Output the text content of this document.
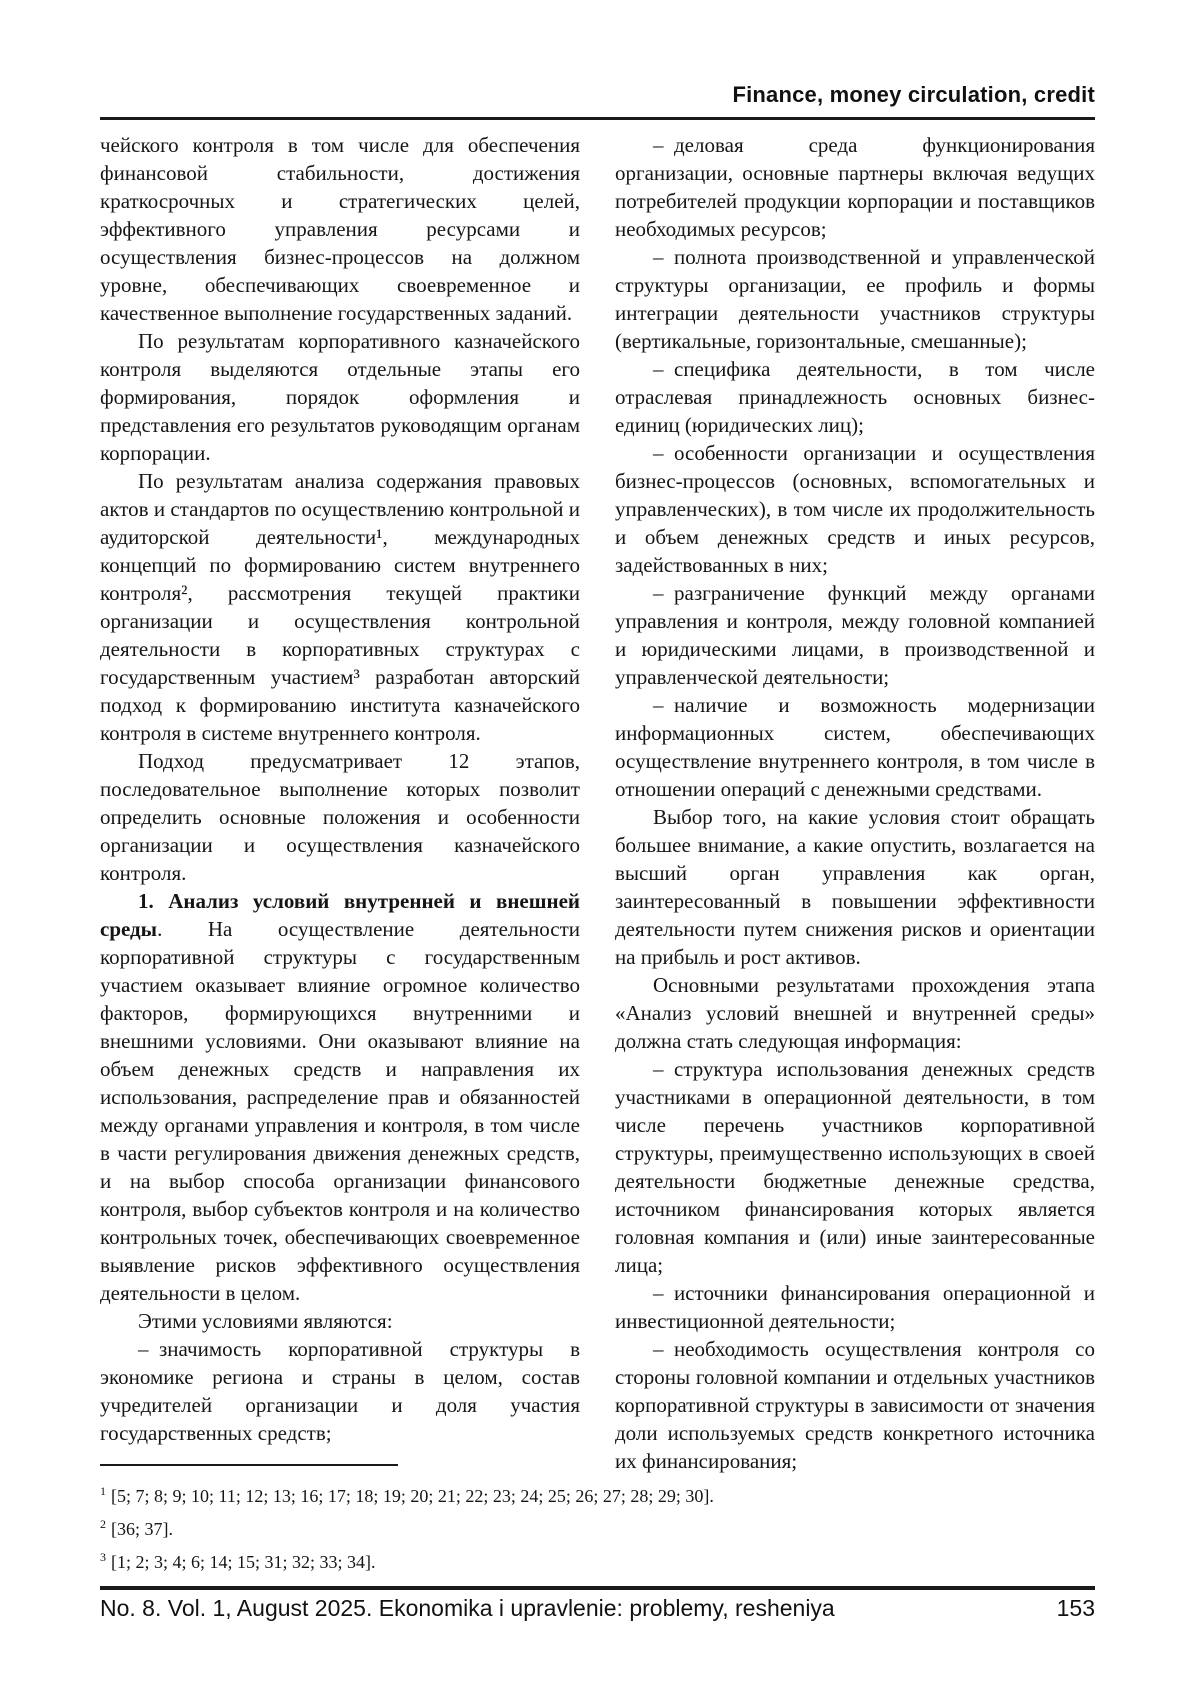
Finance, money circulation, credit

чейского контроля в том числе для обеспечения финансовой стабильности, достижения краткосрочных и стратегических целей, эффективного управления ресурсами и осуществления бизнес-процессов на должном уровне, обеспечивающих своевременное и качественное выполнение государственных заданий.

По результатам корпоративного казначейского контроля выделяются отдельные этапы его формирования, порядок оформления и представления его результатов руководящим органам корпорации.

По результатам анализа содержания правовых актов и стандартов по осуществлению контрольной и аудиторской деятельности¹, международных концепций по формированию систем внутреннего контроля², рассмотрения текущей практики организации и осуществления контрольной деятельности в корпоративных структурах с государственным участием³ разработан авторский подход к формированию института казначейского контроля в системе внутреннего контроля.

Подход предусматривает 12 этапов, последовательное выполнение которых позволит определить основные положения и особенности организации и осуществления казначейского контроля.

1. Анализ условий внутренней и внешней среды. На осуществление деятельности корпоративной структуры с государственным участием оказывает влияние огромное количество факторов, формирующихся внутренними и внешними условиями. Они оказывают влияние на объем денежных средств и направления их использования, распределение прав и обязанностей между органами управления и контроля, в том числе в части регулирования движения денежных средств, и на выбор способа организации финансового контроля, выбор субъектов контроля и на количество контрольных точек, обеспечивающих своевременное выявление рисков эффективного осуществления деятельности в целом.

Этими условиями являются:

– значимость корпоративной структуры в экономике региона и страны в целом, состав учредителей организации и доля участия государственных средств;

– деловая среда функционирования организации, основные партнеры включая ведущих потребителей продукции корпорации и поставщиков необходимых ресурсов;

– полнота производственной и управленческой структуры организации, ее профиль и формы интеграции деятельности участников структуры (вертикальные, горизонтальные, смешанные);

– специфика деятельности, в том числе отраслевая принадлежность основных бизнес-единиц (юридических лиц);

– особенности организации и осуществления бизнес-процессов (основных, вспомогательных и управленческих), в том числе их продолжительность и объем денежных средств и иных ресурсов, задействованных в них;

– разграничение функций между органами управления и контроля, между головной компанией и юридическими лицами, в производственной и управленческой деятельности;

– наличие и возможность модернизации информационных систем, обеспечивающих осуществление внутреннего контроля, в том числе в отношении операций с денежными средствами.

Выбор того, на какие условия стоит обращать большее внимание, а какие опустить, возлагается на высший орган управления как орган, заинтересованный в повышении эффективности деятельности путем снижения рисков и ориентации на прибыль и рост активов.

Основными результатами прохождения этапа «Анализ условий внешней и внутренней среды» должна стать следующая информация:

– структура использования денежных средств участниками в операционной деятельности, в том числе перечень участников корпоративной структуры, преимущественно использующих в своей деятельности бюджетные денежные средства, источником финансирования которых является головная компания и (или) иные заинтересованные лица;

– источники финансирования операционной и инвестиционной деятельности;

– необходимость осуществления контроля со стороны головной компании и отдельных участников корпоративной структуры в зависимости от значения доли используемых средств конкретного источника их финансирования;

$^1$ [5; 7; 8; 9; 10; 11; 12; 13; 16; 17; 18; 19; 20; 21; 22; 23; 24; 25; 26; 27; 28; 29; 30].

$^2$ [36; 37].

$^3$ [1; 2; 3; 4; 6; 14; 15; 31; 32; 33; 34].

No. 8. Vol. 1, August 2025. Ekonomika i upravlenie: problemy, resheniya	153
